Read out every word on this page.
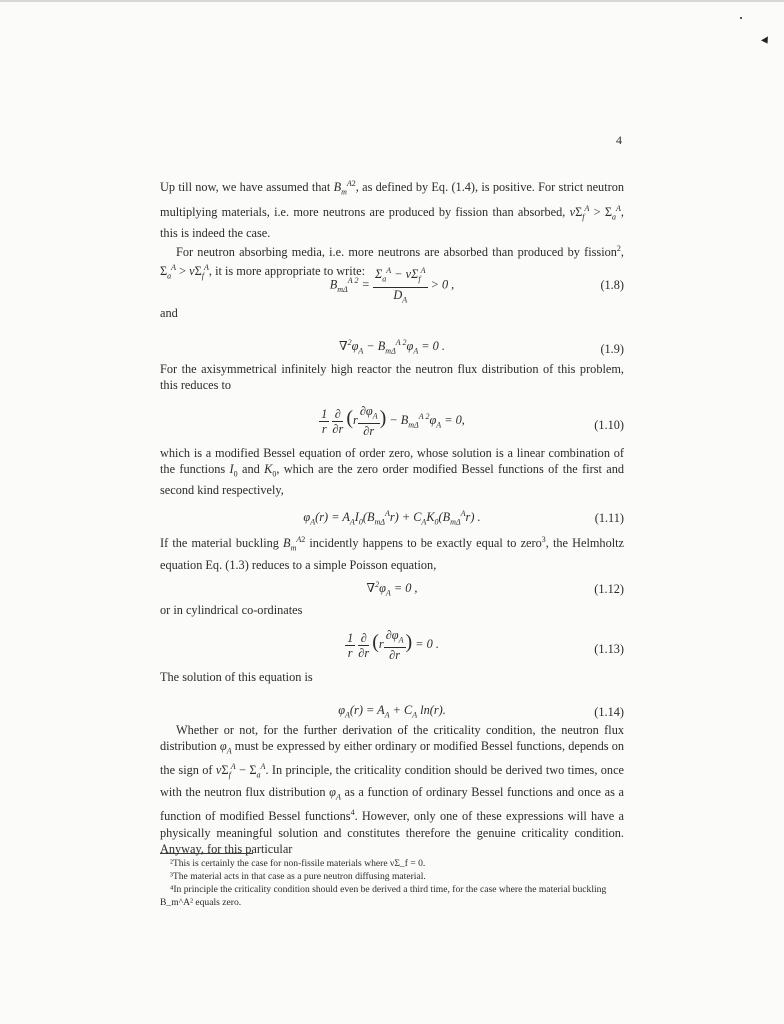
4

Up till now, we have assumed that $B_m^{A2}$, as defined by Eq. (1.4), is positive. For strict neutron multiplying materials, i.e. more neutrons are produced by fission than absorbed, $\nu\Sigma_f^A > \Sigma_a^A$, this is indeed the case.

For neutron absorbing media, i.e. more neutrons are absorbed than produced by fission$^2$, $\Sigma_a^A > \nu\Sigma_f^A$, it is more appropriate to write:

$B_{m\Delta}^{A 2} = \frac{\Sigma_a^A - \nu\Sigma_f^A}{D_A} > 0$ ,	(1.8)
and
$\nabla^2\varphi_A - B_{m\Delta}^{A 2}\varphi_A = 0$ .	(1.9)
For the axisymmetrical infinitely high reactor the neutron flux distribution of this problem, this reduces to
$\frac{1}{r}$
$\frac{\partial}{\partial r} (r \frac{\partial\varphi_A}{\partial r}$ ) − $B_{m\Delta}^{A 2}\varphi_A = 0$,	(1.10)
which is a modified Bessel equation of order zero, whose solution is a linear combination of the functions $I_0$ and $K_0$, which are the zero order modified Bessel functions of the first and second kind respectively,
$\varphi_A(r) = A_AI_0(B_{m\Delta}^Ar) + C_AK_0(B_{m\Delta}^Ar)$ .	(1.11)
If the material buckling $B_m^{A2}$ incidently happens to be exactly equal to zero$^3$, the Helmholtz equation Eq. (1.3) reduces to a simple Poisson equation,
$\nabla^2\varphi_A = 0$ ,	(1.12)
or in cylindrical co-ordinates
$\frac{1}{r}$
$\frac{\partial}{\partial r} (r \frac{\partial\varphi_A}{\partial r}$ ) = 0 .	(1.13)
The solution of this equation is
$\varphi_A(r) = A_A + C_A$ ln(r).	(1.14)
Whether or not, for the further derivation of the criticality condition, the neutron flux distribution $\varphi_A$ must be expressed by either ordinary or modified Bessel functions, depends on the sign of $\nu\Sigma_f^A - \Sigma_a^A$. In principle, the criticality condition should be derived two times, once with the neutron flux distribution $\varphi_A$ as a function of ordinary Bessel functions and once as a function of modified Bessel functions$^4$. However, only one of these expressions will have a physically meaningful solution and constitutes therefore the genuine criticality condition. Anyway, for this particular

²This is certainly the case for non-fissile materials where νΣ_f = 0.

³The material acts in that case as a pure neutron diffusing material.

⁴In principle the criticality condition should even be derived a third time, for the case where the material buckling B_m^A² equals zero.
